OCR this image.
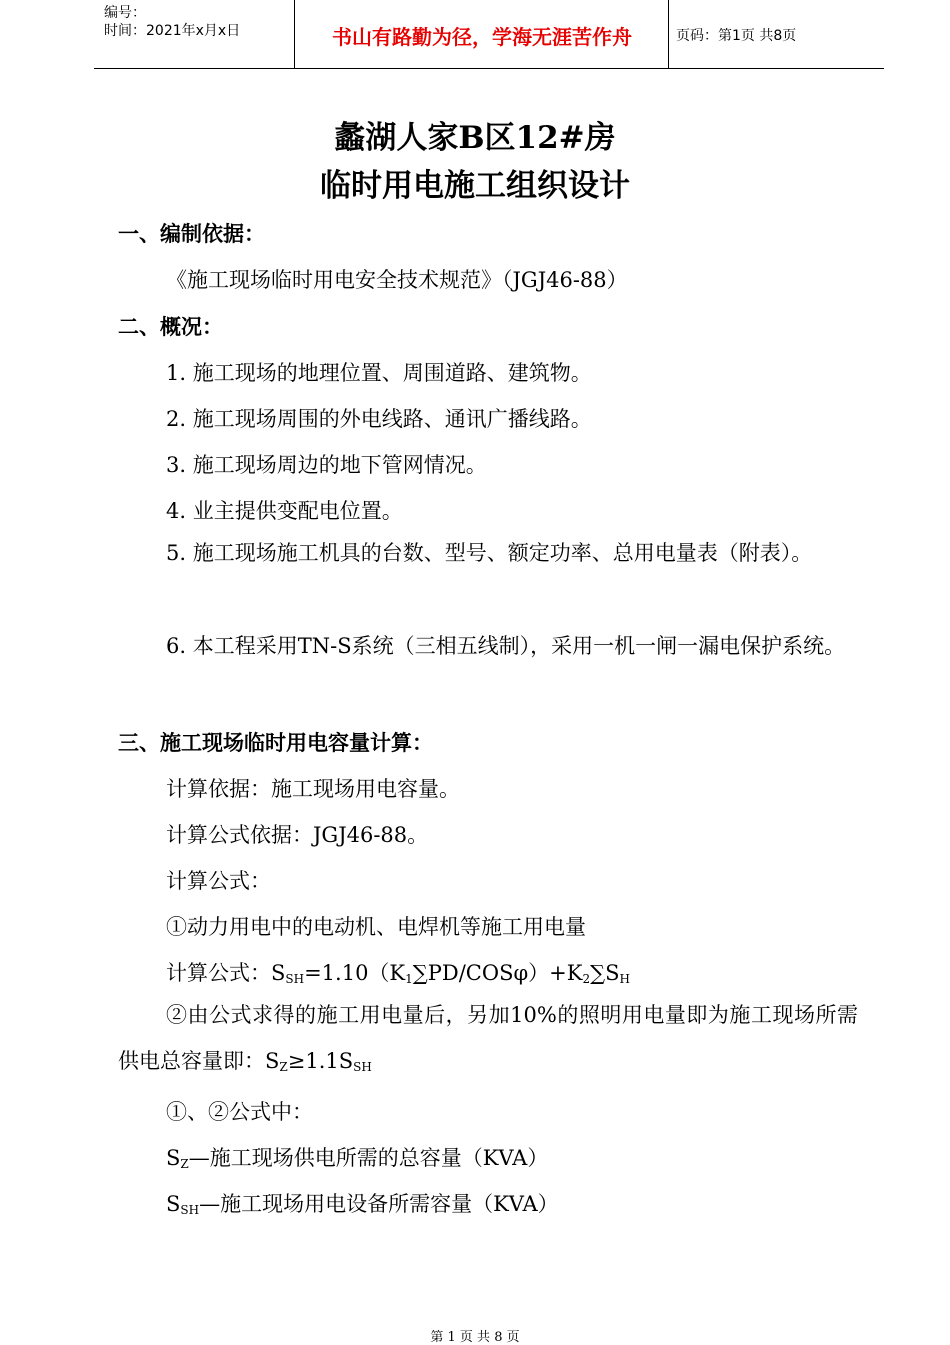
编号：
时间：2021年x月x日	书山有路勤为径，学海无涯苦作舟	页码：第1页 共8页
蠡湖人家B区12#房
临时用电施工组织设计
一、编制依据：
《施工现场临时用电安全技术规范》（JGJ46-88）
二、概况：
1. 施工现场的地理位置、周围道路、建筑物。
2. 施工现场周围的外电线路、通讯广播线路。
3. 施工现场周边的地下管网情况。
4. 业主提供变配电位置。
5. 施工现场施工机具的台数、型号、额定功率、总用电量表（附表）。
6. 本工程采用TN-S系统（三相五线制），采用一机一闸一漏电保护系统。
三、施工现场临时用电容量计算：
计算依据：施工现场用电容量。
计算公式依据：JGJ46-88。
计算公式：
①动力用电中的电动机、电焊机等施工用电量
计算公式：$S_{SH}=1.10(K_1\sum PD/COS\varphi)+K_2\sum S_H$
②由公式求得的施工用电量后，另加10%的照明用电量即为施工现场所需供电总容量即：$S_Z\ge 1.1S_{SH}$
①、②公式中：
$S_Z—$施工现场供电所需的总容量（KVA）
$S_{SH}—$施工现场用电设备所需容量（KVA）
第 1 页 共 8 页
